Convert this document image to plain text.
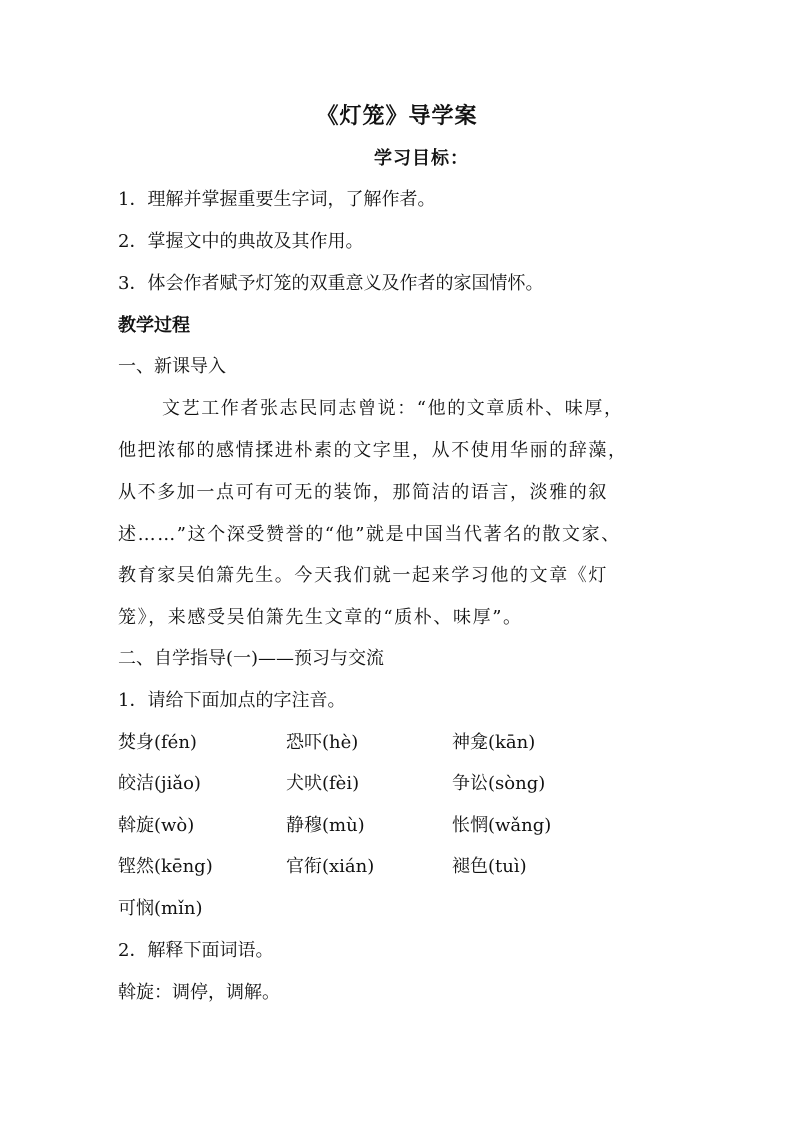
《灯笼》导学案
学习目标：
1．理解并掌握重要生字词，了解作者。
2．掌握文中的典故及其作用。
3．体会作者赋予灯笼的双重意义及作者的家国情怀。
教学过程
一、新课导入
文艺工作者张志民同志曾说：“他的文章质朴、味厚，
他把浓郁的感情揉进朴素的文字里，从不使用华丽的辞藻，
从不多加一点可有可无的装饰，那简洁的语言，淡雅的叙
述……”这个深受赞誉的“他”就是中国当代著名的散文家、
教育家吴伯箫先生。今天我们就一起来学习他的文章《灯
笼》，来感受吴伯箫先生文章的“质朴、味厚”。
二、自学指导(一)——预习与交流
1．请给下面加点的字注音。
焚身(fén)	恐吓(hè)	神龛(kān)
皎洁(jiǎo)	犬吠(fèi)	争讼(sòng)
斡旋(wò)	静穆(mù)	怅惘(wǎng)
铿然(kēng)	官衔(xián)	褪色(tuì)
可悯(mǐn)
2．解释下面词语。
斡旋：调停，调解。
